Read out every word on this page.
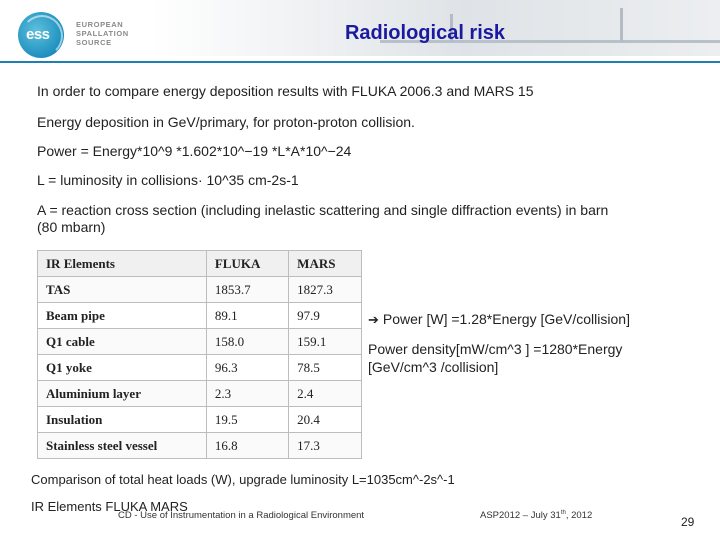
ess
EUROPEAN
SPALLATION
SOURCE	Radiological risk
In order to compare energy deposition results with FLUKA 2006.3 and MARS 15
Energy deposition in GeV/primary, for proton-proton collision.
Power = Energy*10^9 *1.602*10^−19 *L*A*10^−24
L = luminosity in collisions· 10^35 cm-2s-1
A = reaction cross section (including inelastic scattering and single diffraction events) in barn
(80 mbarn)
IR Elements	FLUKA	MARS
TAS	1853.7	1827.3
Beam pipe	89.1	97.9
Q1 cable	158.0	159.1
Q1 yoke	96.3	78.5
Aluminium layer	2.3	2.4
Insulation	19.5	20.4
Stainless steel vessel	16.8	17.3
➔ Power [W] =1.28*Energy [GeV/collision]
Power density[mW/cm^3 ] =1280*Energy
[GeV/cm^3 /collision]
Comparison of total heat loads (W), upgrade luminosity L=1035cm^-2s^-1
IR Elements FLUKA MARS
CD - Use of Instrumentation in a Radiological Environment	ASP2012 – July 31th, 2012	29
